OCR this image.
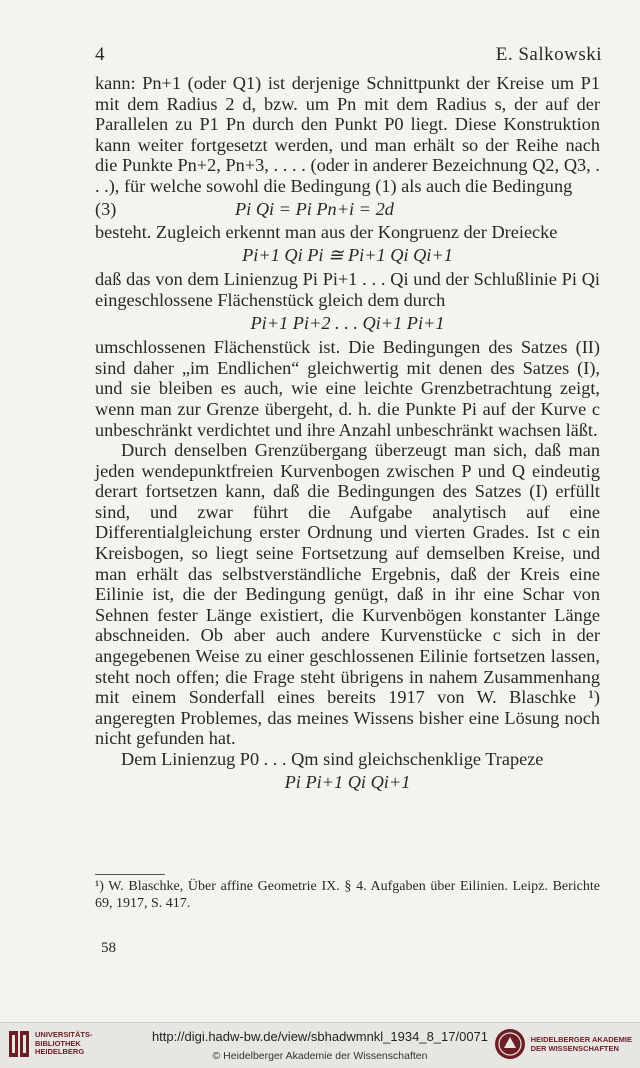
4	E. Salkowski

kann: Pn+1 (oder Q1) ist derjenige Schnittpunkt der Kreise um P1 mit dem Radius 2 d, bzw. um Pn mit dem Radius s, der auf der Parallelen zu P1 Pn durch den Punkt P0 liegt. Diese Konstruktion kann weiter fortgesetzt werden, und man erhält so der Reihe nach die Punkte Pn+2, Pn+3, . . . . (oder in anderer Bezeichnung Q2, Q3, . . .), für welche sowohl die Bedingung (1) als auch die Bedingung

(3)	Pi Qi = Pi Pn+i = 2d

besteht. Zugleich erkennt man aus der Kongruenz der Dreiecke

Pi+1 Qi Pi ≅ Pi+1 Qi Qi+1

daß das von dem Linienzug Pi Pi+1 . . . Qi und der Schlußlinie Pi Qi eingeschlossene Flächenstück gleich dem durch

Pi+1 Pi+2 . . . Qi+1 Pi+1

umschlossenen Flächenstück ist. Die Bedingungen des Satzes (II) sind daher „im Endlichen“ gleichwertig mit denen des Satzes (I), und sie bleiben es auch, wie eine leichte Grenzbetrachtung zeigt, wenn man zur Grenze übergeht, d. h. die Punkte Pi auf der Kurve c unbeschränkt verdichtet und ihre Anzahl unbeschränkt wachsen läßt.

Durch denselben Grenzübergang überzeugt man sich, daß man jeden wendepunktfreien Kurvenbogen zwischen P und Q eindeutig derart fortsetzen kann, daß die Bedingungen des Satzes (I) erfüllt sind, und zwar führt die Aufgabe analytisch auf eine Differentialgleichung erster Ordnung und vierten Grades. Ist c ein Kreisbogen, so liegt seine Fortsetzung auf demselben Kreise, und man erhält das selbstverständliche Ergebnis, daß der Kreis eine Eilinie ist, die der Bedingung genügt, daß in ihr eine Schar von Sehnen fester Länge existiert, die Kurvenbögen konstanter Länge abschneiden. Ob aber auch andere Kurvenstücke c sich in der angegebenen Weise zu einer geschlossenen Eilinie fortsetzen lassen, steht noch offen; die Frage steht übrigens in nahem Zusammenhang mit einem Sonderfall eines bereits 1917 von W. Blaschke ¹) angeregten Problemes, das meines Wissens bisher eine Lösung noch nicht gefunden hat.

Dem Linienzug P0 . . . Qm sind gleichschenklige Trapeze

Pi Pi+1 Qi Qi+1
¹) W. Blaschke, Über affine Geometrie IX. § 4. Aufgaben über Eilinien. Leipz. Berichte 69, 1917, S. 417.
58
UNIVERSITÄTS-
BIBLIOTHEK
HEIDELBERG
http://digi.hadw-bw.de/view/sbhadwmnkl_1934_8_17/0071
© Heidelberger Akademie der Wissenschaften
HEIDELBERGER AKADEMIE
DER WISSENSCHAFTEN
